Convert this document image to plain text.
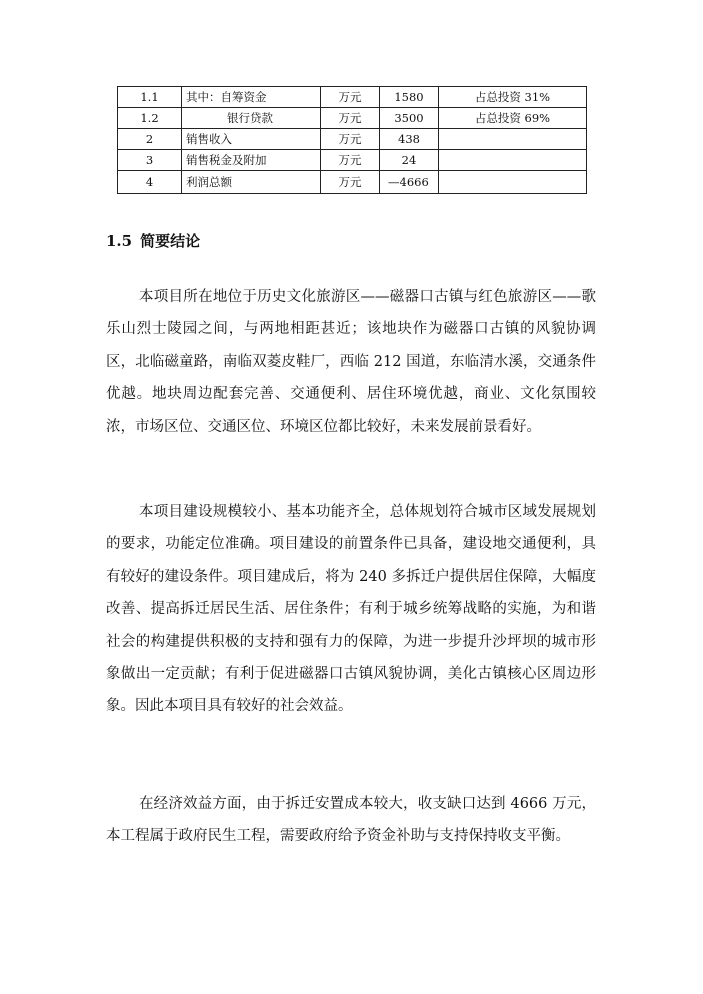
1.1	其中：自筹资金	万元	1580	占总投资 31%
1.2	银行贷款	万元	3500	占总投资 69%
2	销售收入	万元	438	
3	销售税金及附加	万元	24	
4	利润总额	万元	—4666	
1.5 简要结论

本项目所在地位于历史文化旅游区——磁器口古镇与红色旅游区——歌乐山烈士陵园之间，与两地相距甚近；该地块作为磁器口古镇的风貌协调区，北临磁童路，南临双菱皮鞋厂，西临 212 国道，东临清水溪，交通条件优越。地块周边配套完善、交通便利、居住环境优越，商业、文化氛围较浓，市场区位、交通区位、环境区位都比较好，未来发展前景看好。

本项目建设规模较小、基本功能齐全，总体规划符合城市区域发展规划的要求，功能定位准确。项目建设的前置条件已具备，建设地交通便利，具有较好的建设条件。项目建成后，将为 240 多拆迁户提供居住保障，大幅度改善、提高拆迁居民生活、居住条件；有利于城乡统筹战略的实施，为和谐社会的构建提供积极的支持和强有力的保障，为进一步提升沙坪坝的城市形象做出一定贡献；有利于促进磁器口古镇风貌协调，美化古镇核心区周边形象。因此本项目具有较好的社会效益。

在经济效益方面，由于拆迁安置成本较大，收支缺口达到 4666 万元，本工程属于政府民生工程，需要政府给予资金补助与支持保持收支平衡。
